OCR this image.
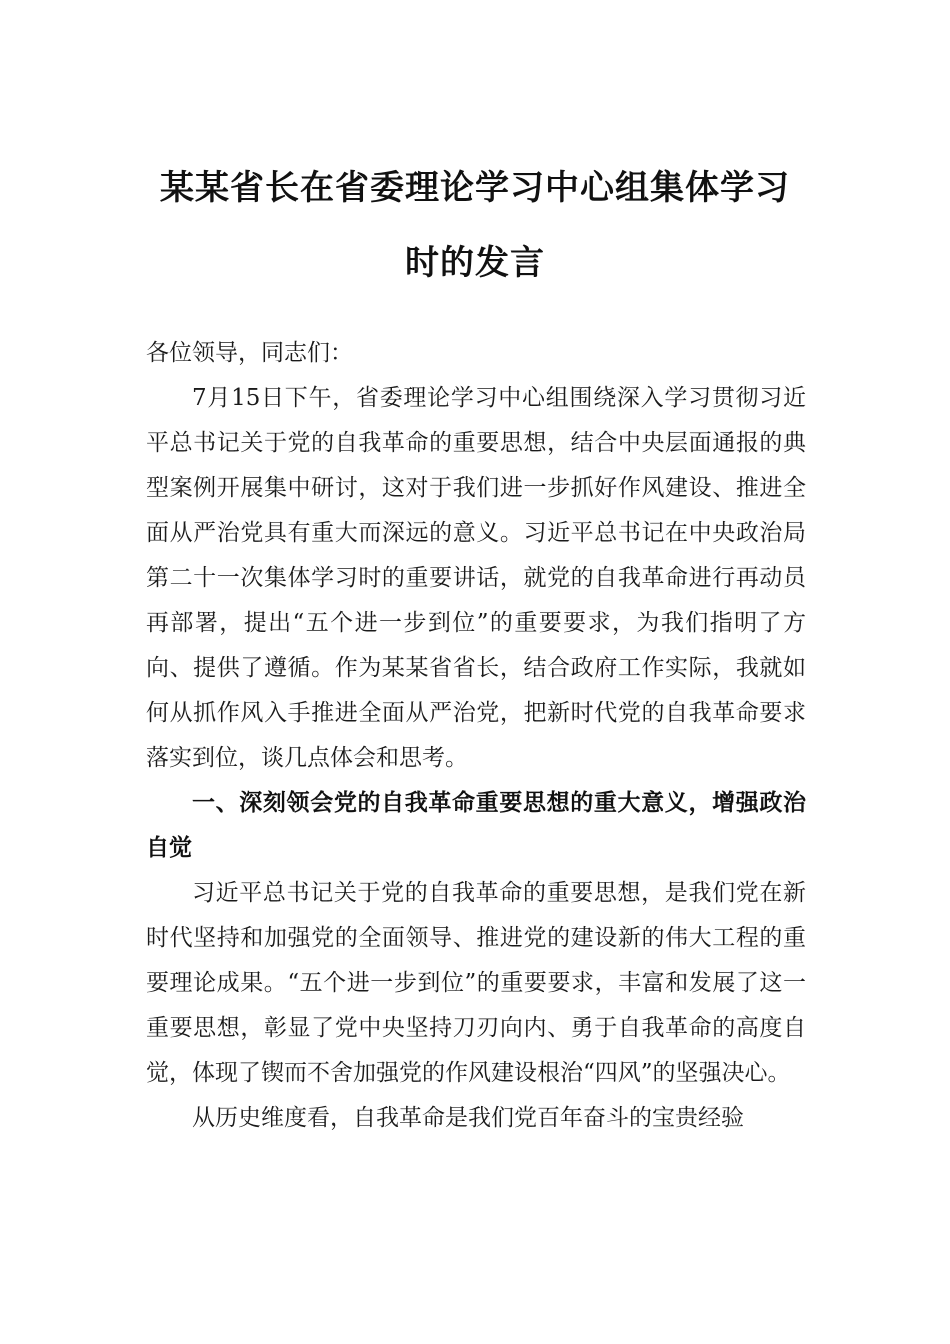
某某省长在省委理论学习中心组集体学习
时的发言
各位领导，同志们：

7月15日下午，省委理论学习中心组围绕深入学习贯彻习近平总书记关于党的自我革命的重要思想，结合中央层面通报的典型案例开展集中研讨，这对于我们进一步抓好作风建设、推进全面从严治党具有重大而深远的意义。习近平总书记在中央政治局第二十一次集体学习时的重要讲话，就党的自我革命进行再动员再部署，提出“五个进一步到位”的重要要求，为我们指明了方向、提供了遵循。作为某某省省长，结合政府工作实际，我就如何从抓作风入手推进全面从严治党，把新时代党的自我革命要求落实到位，谈几点体会和思考。

一、深刻领会党的自我革命重要思想的重大意义，增强政治自觉

习近平总书记关于党的自我革命的重要思想，是我们党在新时代坚持和加强党的全面领导、推进党的建设新的伟大工程的重要理论成果。“五个进一步到位”的重要要求，丰富和发展了这一重要思想，彰显了党中央坚持刀刃向内、勇于自我革命的高度自觉，体现了锲而不舍加强党的作风建设根治“四风”的坚强决心。

从历史维度看，自我革命是我们党百年奋斗的宝贵经验
